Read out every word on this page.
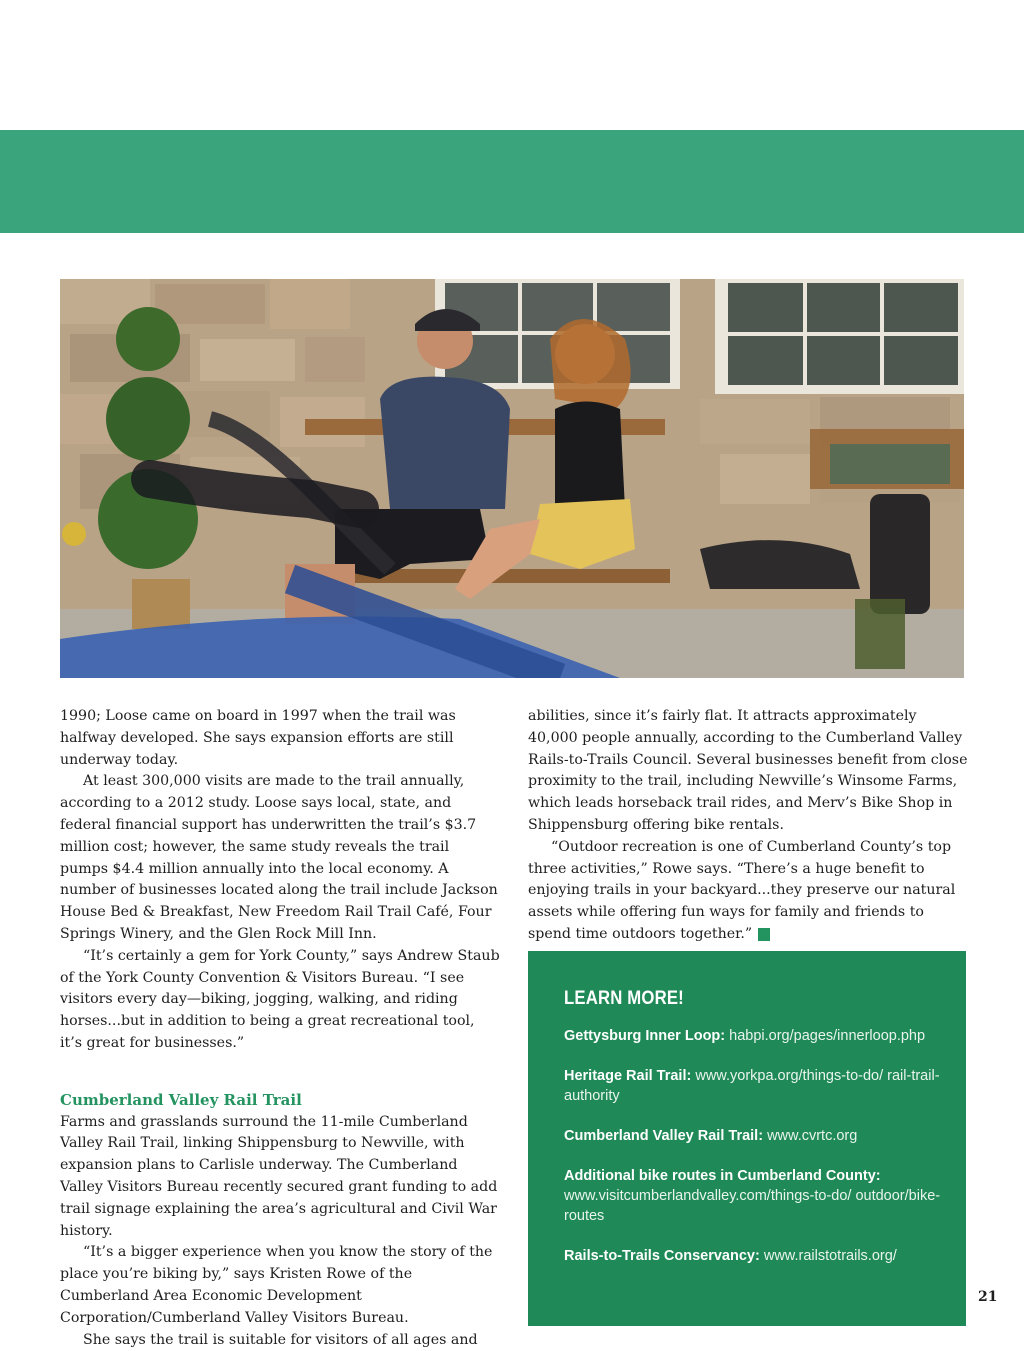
1990; Loose came on board in 1997 when the trail was halfway developed. She says expansion efforts are still underway today.

At least 300,000 visits are made to the trail annually, according to a 2012 study. Loose says local, state, and federal financial support has underwritten the trail’s $3.7 million cost; however, the same study reveals the trail pumps $4.4 million annually into the local economy. A number of businesses located along the trail include Jackson House Bed & Breakfast, New Freedom Rail Trail Café, Four Springs Winery, and the Glen Rock Mill Inn.

“It’s certainly a gem for York County,” says Andrew Staub of the York County Convention & Visitors Bureau. “I see visitors every day—biking, jogging, walking, and riding horses...but in addition to being a great recreational tool, it’s great for businesses.”

Cumberland Valley Rail Trail

Farms and grasslands surround the 11-mile Cumberland Valley Rail Trail, linking Shippensburg to Newville, with expansion plans to Carlisle underway. The Cumberland Valley Visitors Bureau recently secured grant funding to add trail signage explaining the area’s agricultural and Civil War history.

“It’s a bigger experience when you know the story of the place you’re biking by,” says Kristen Rowe of the Cumberland Area Economic Development Corporation/Cumberland Valley Visitors Bureau.

She says the trail is suitable for visitors of all ages and

abilities, since it’s fairly flat. It attracts approximately 40,000 people annually, according to the Cumberland Valley Rails-to-Trails Council. Several businesses benefit from close proximity to the trail, including Newville’s Winsome Farms, which leads horseback trail rides, and Merv’s Bike Shop in Shippensburg offering bike rentals.

“Outdoor recreation is one of Cumberland County’s top three activities,” Rowe says. “There’s a huge benefit to enjoying trails in your backyard...they preserve our natural assets while offering fun ways for family and friends to spend time outdoors together.”	✦

LEARN MORE!
Gettysburg Inner Loop: habpi.org/pages/innerloop.php
Heritage Rail Trail: www.yorkpa.org/things-to-do/ rail-trail-authority
Cumberland Valley Rail Trail: www.cvrtc.org
Additional bike routes in Cumberland County:
www.visitcumberlandvalley.com/things-to-do/ outdoor/bike-routes
Rails-to-Trails Conservancy: www.railstotrails.org/
21
